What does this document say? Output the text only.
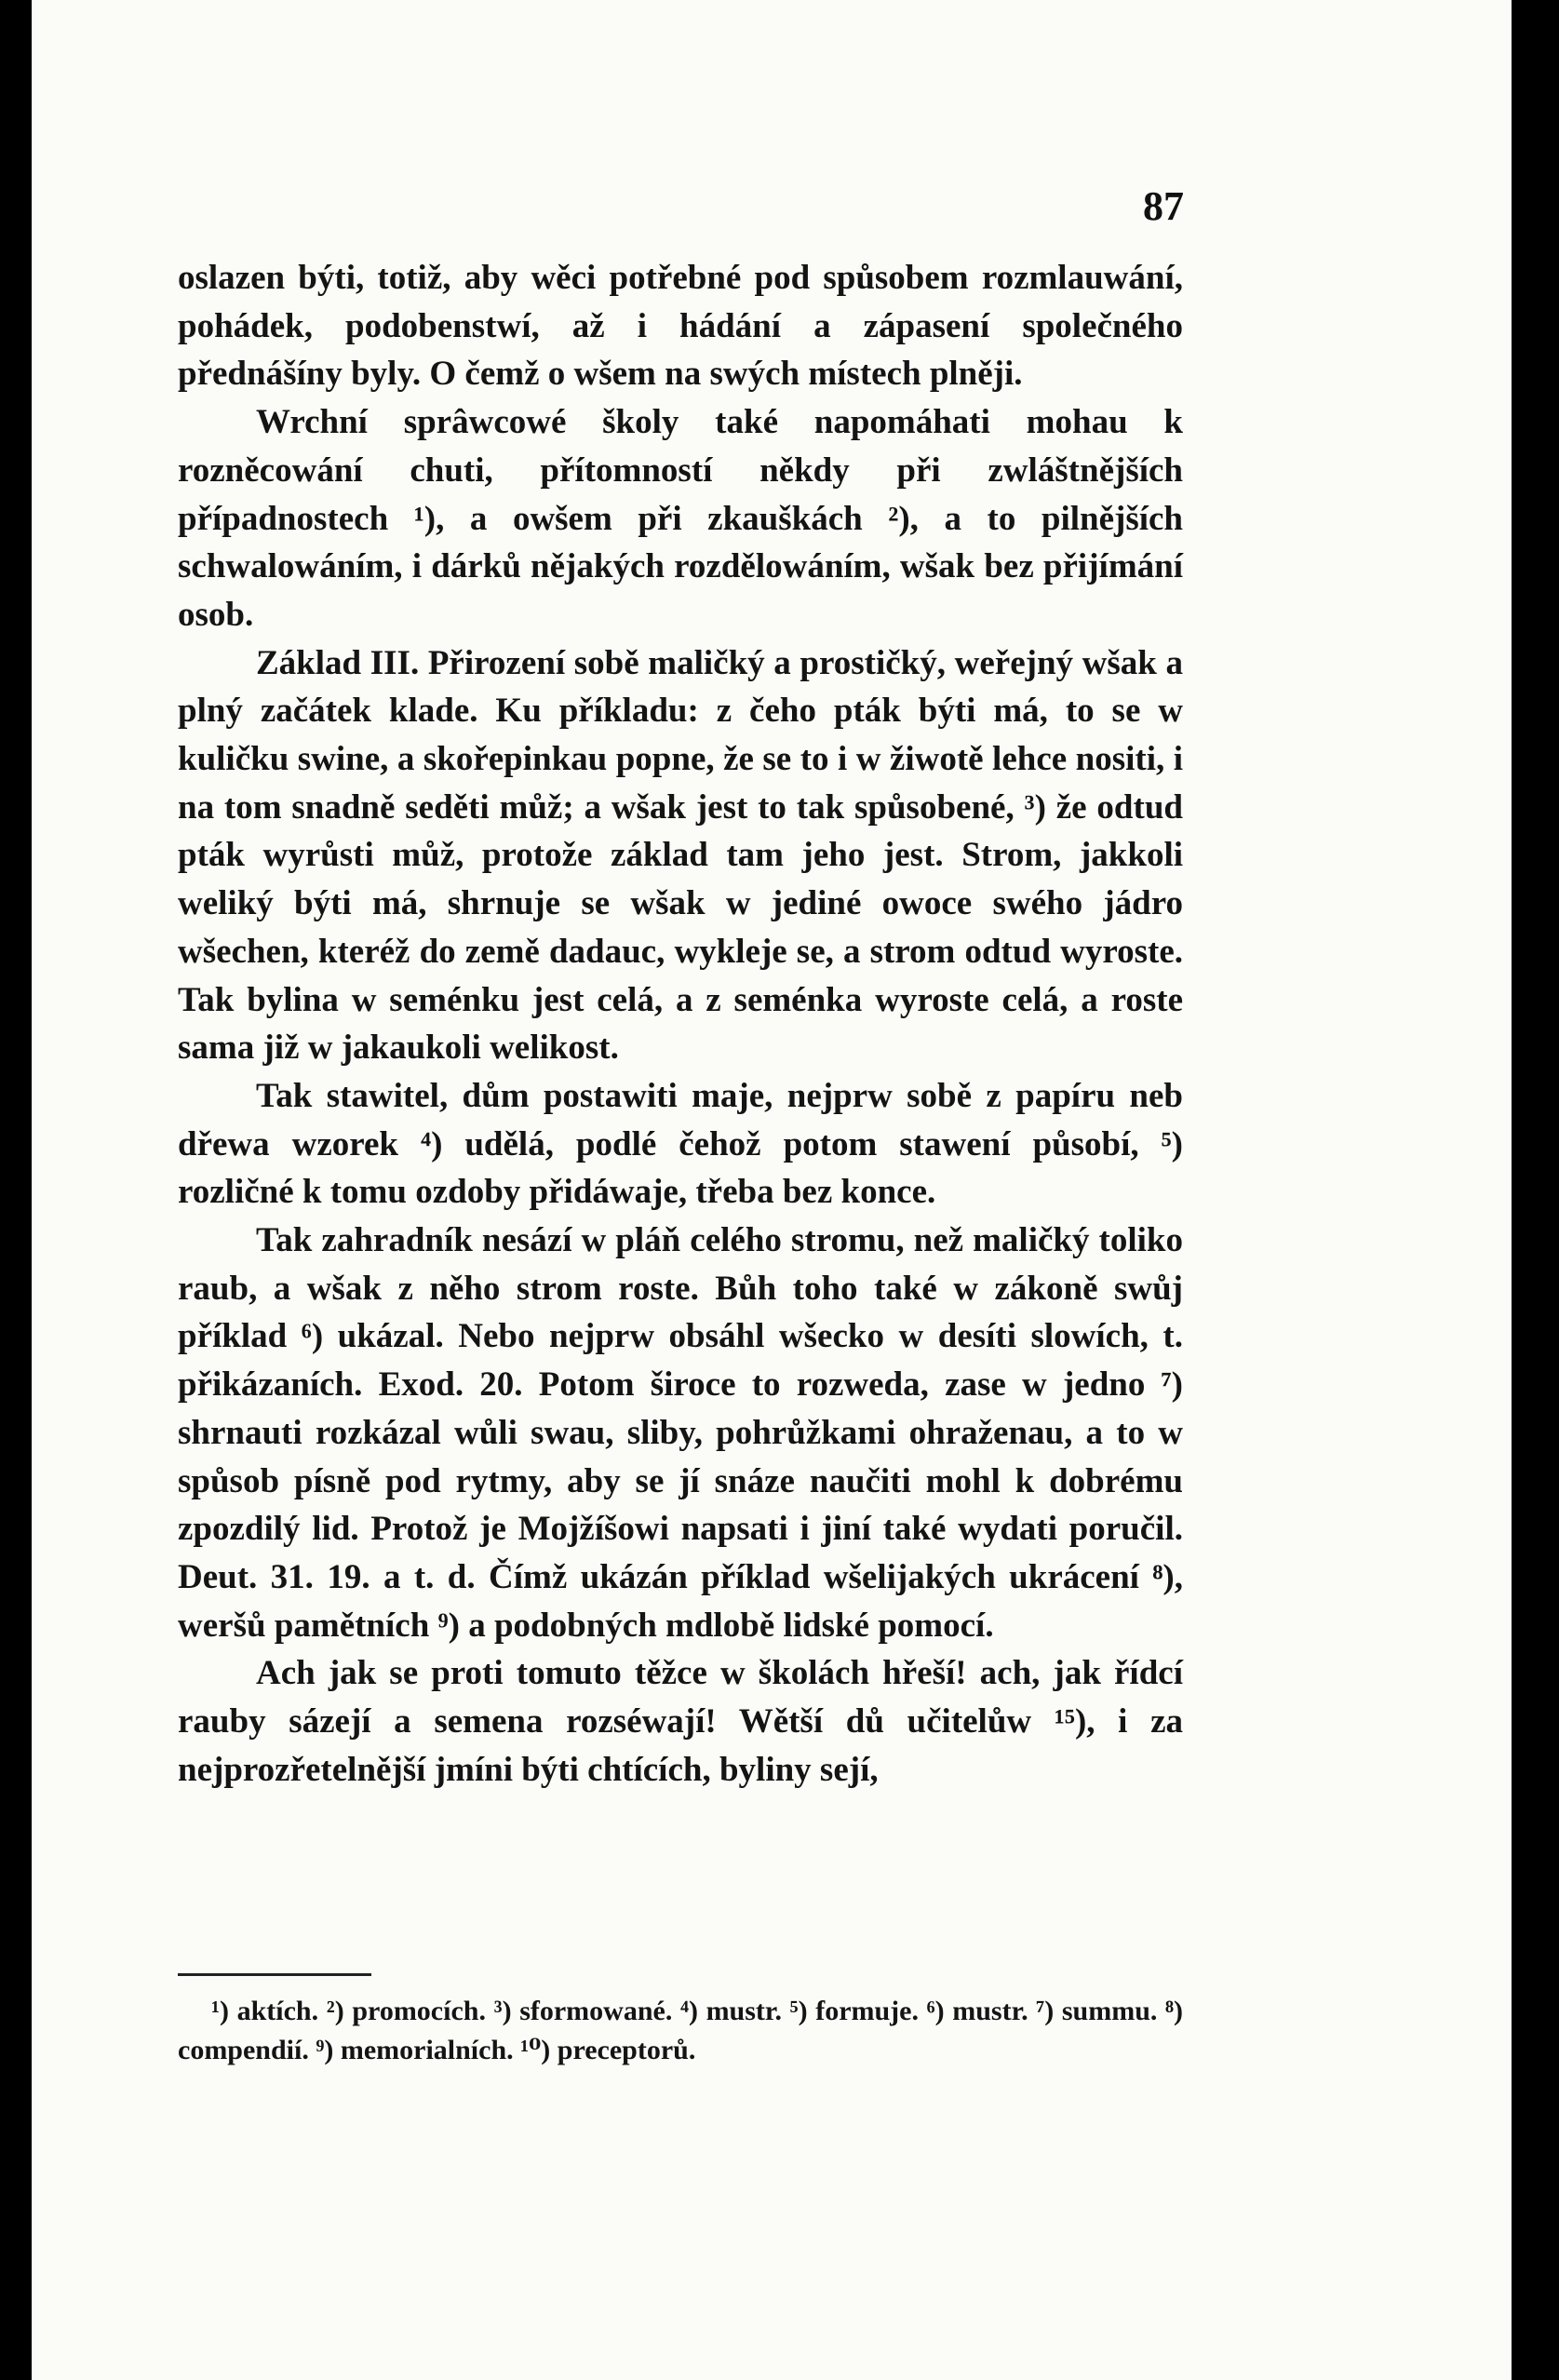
87

oslazen býti, totiž, aby wěci potřebné pod spůsobem rozmlauwání, pohádek, podobenstwí, až i hádání a zápasení společného přednášíny byly. O čemž o wšem na swých místech plněji.

Wrchní sprâwcowé školy také napomáhati mohau k rozněcowání chuti, přítomností někdy při zwláštnějších případnostech ¹), a owšem při zkauškách ²), a to pilnějších schwalowáním, i dárků nějakých rozdělowáním, wšak bez přijímání osob.

Základ III. Přirození sobě maličký a prostičký, weřejný wšak a plný začátek klade. Ku příkladu: z čeho pták býti má, to se w kuličku swine, a skořepinkau popne, že se to i w žiwotě lehce nositi, i na tom snadně seděti můž; a wšak jest to tak spůsobené, ³) že odtud pták wyrůsti můž, protože základ tam jeho jest. Strom, jakkoli weliký býti má, shrnuje se wšak w jediné owoce swého jádro wšechen, kteréž do země dadauc, wykleje se, a strom odtud wyroste. Tak bylina w seménku jest celá, a z seménka wyroste celá, a roste sama již w jakaukoli welikost.

Tak stawitel, dům postawiti maje, nejprw sobě z papíru neb dřewa wzorek ⁴) udělá, podlé čehož potom stawení působí, ⁵) rozličné k tomu ozdoby přidáwaje, třeba bez konce.

Tak zahradník nesází w pláň celého stromu, než maličký toliko raub, a wšak z něho strom roste. Bůh toho také w zákoně swůj příklad ⁶) ukázal. Nebo nejprw obsáhl wšecko w desíti slowích, t. přikázaních. Exod. 20. Potom široce to rozweda, zase w jedno ⁷) shrnauti rozkázal wůli swau, sliby, pohrůžkami ohraženau, a to w spůsob písně pod rytmy, aby se jí snáze naučiti mohl k dobrému zpozdilý lid. Protož je Mojžíšowi napsati i jiní také wydati poručil. Deut. 31. 19. a t. d. Čímž ukázán příklad wšelijakých ukrácení ⁸), weršů pamětních ⁹) a podobných mdlobě lidské pomocí.

Ach jak se proti tomuto těžce w školách hřeší! ach, jak řídcí rauby sázejí a semena rozséwají! Wětší dů učitelůw ¹⁵), i za nejprozřetelnější jmíni býti chtících, byliny sejí,

¹) aktích. ²) promocích. ³) sformowané. ⁴) mustr. ⁵) formuje. ⁶) mustr. ⁷) summu. ⁸) compendií. ⁹) memorialních. ¹⁰) preceptorů.
